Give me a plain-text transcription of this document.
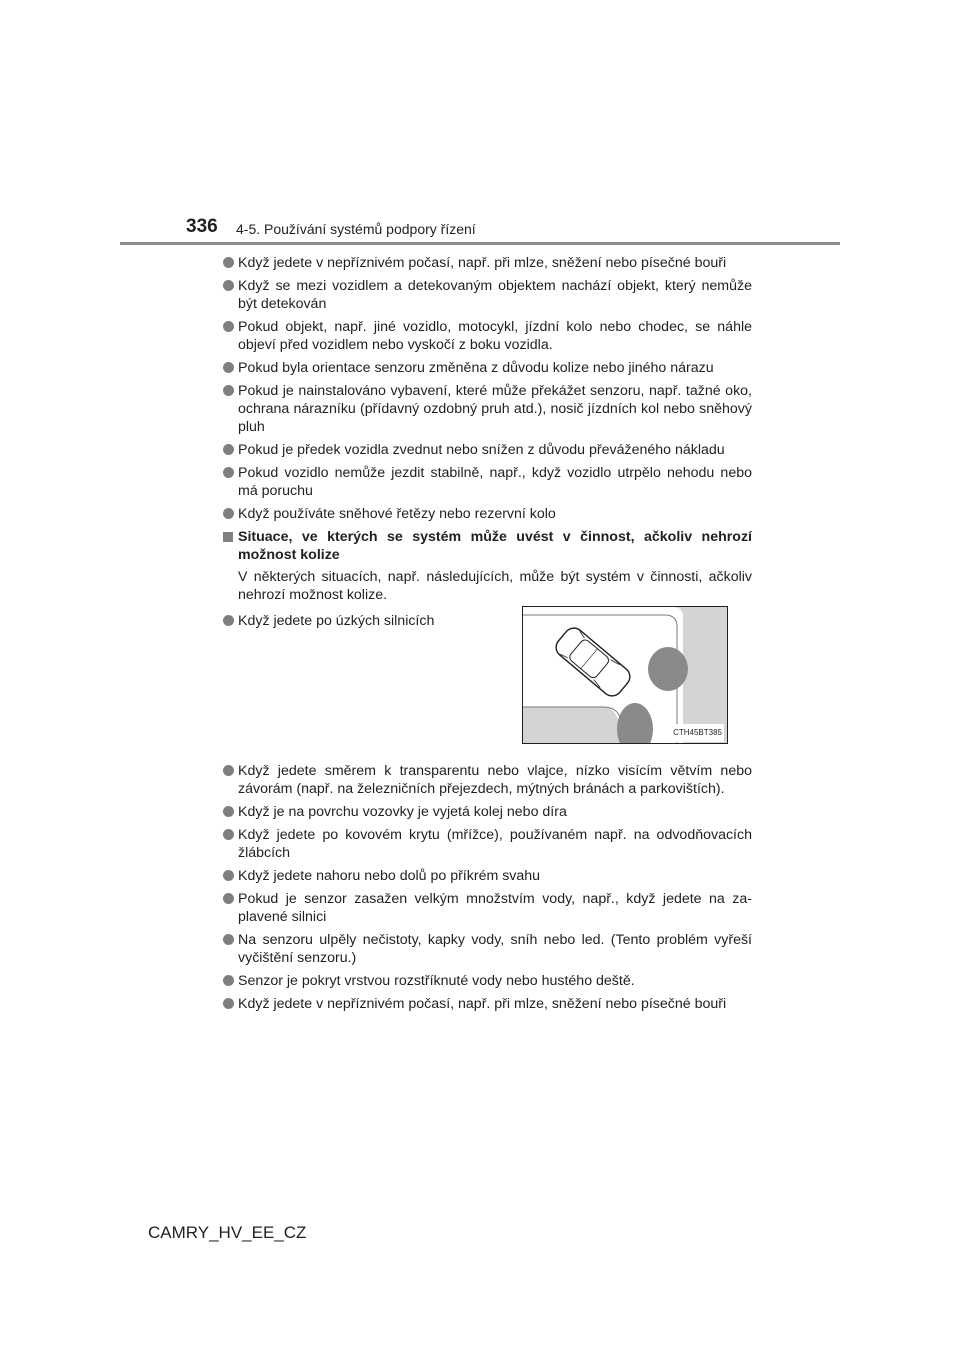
336 4-5. Používání systémů podpory řízení
Když jedete v nepříznivém počasí, např. při mlze, sněžení nebo písečné bouři
Když se mezi vozidlem a detekovaným objektem nachází objekt, který nemůže být detekován
Pokud objekt, např. jiné vozidlo, motocykl, jízdní kolo nebo chodec, se náhle objeví před vozidlem nebo vyskočí z boku vozidla.
Pokud byla orientace senzoru změněna z důvodu kolize nebo jiného nárazu
Pokud je nainstalováno vybavení, které může překážet senzoru, např. tažné oko, ochrana nárazníku (přídavný ozdobný pruh atd.), nosič jízdních kol nebo sněhový pluh
Pokud je předek vozidla zvednut nebo snížen z důvodu převáženého nákladu
Pokud vozidlo nemůže jezdit stabilně, např., když vozidlo utrpělo nehodu nebo má poruchu
Když používáte sněhové řetězy nebo rezervní kolo
Situace, ve kterých se systém může uvést v činnost, ačkoliv nehrozí možnost kolize
V některých situacích, např. následujících, může být systém v činnosti, ačkoliv nehrozí možnost kolize.
Když jedete po úzkých silnicích
CTH45BT385
Když jedete směrem k transparentu nebo vlajce, nízko visícím větvím nebo závorám (např. na železničních přejezdech, mýtných bránách a parkovištích).
Když je na povrchu vozovky je vyjetá kolej nebo díra
Když jedete po kovovém krytu (mřížce), používaném např. na odvodňovacích žlábcích
Když jedete nahoru nebo dolů po příkrém svahu
Pokud je senzor zasažen velkým množstvím vody, např., když jedete na za-plavené silnici
Na senzoru ulpěly nečistoty, kapky vody, sníh nebo led. (Tento problém vyřeší vyčištění senzoru.)
Senzor je pokryt vrstvou rozstříknuté vody nebo hustého deště.
Když jedete v nepříznivém počasí, např. při mlze, sněžení nebo písečné bouři
CAMRY_HV_EE_CZ
